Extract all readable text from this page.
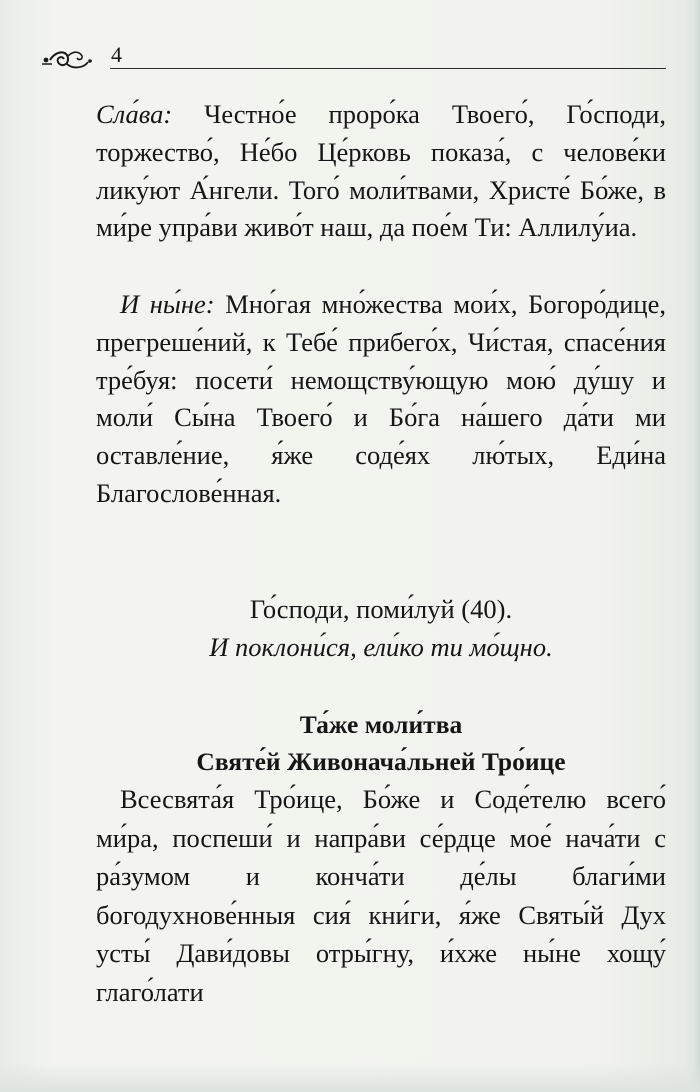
4

Сла́ва: Честно́е проро́ка Твоего́, Го́споди, торжество́, Не́бо Це́рковь показа́, с челове́ки лику́ют А́нгели. Того́ моли́твами, Христе́ Бо́же, в ми́ре упра́ви живо́т наш, да пое́м Ти: Аллилу́иа.

И ны́не: Мно́гая мно́жества мои́х, Богоро́дице, прегреше́ний, к Тебе́ прибего́х, Чи́стая, спасе́ния тре́буя: посети́ немощству́ющую мою́ ду́шу и моли́ Сы́на Твоего́ и Бо́га на́шего да́ти ми оставле́ние, я́же соде́ях лю́тых, Еди́на Благослове́нная.

Го́споди, поми́луй (40).
И поклони́ся, ели́ко ти мо́щно.
Та́же моли́тва
Святе́й Живонача́льней Тро́ице

Всесвята́я Тро́ице, Бо́же и Соде́телю всего́ ми́ра, поспеши́ и напра́ви се́рдце мое́ нача́ти с ра́зумом и конча́ти де́лы благи́ми богодухнове́нныя сия́ кни́ги, я́же Святы́й Дух усты́ Дави́довы отры́гну, и́хже ны́не хощу́ глаго́лати
